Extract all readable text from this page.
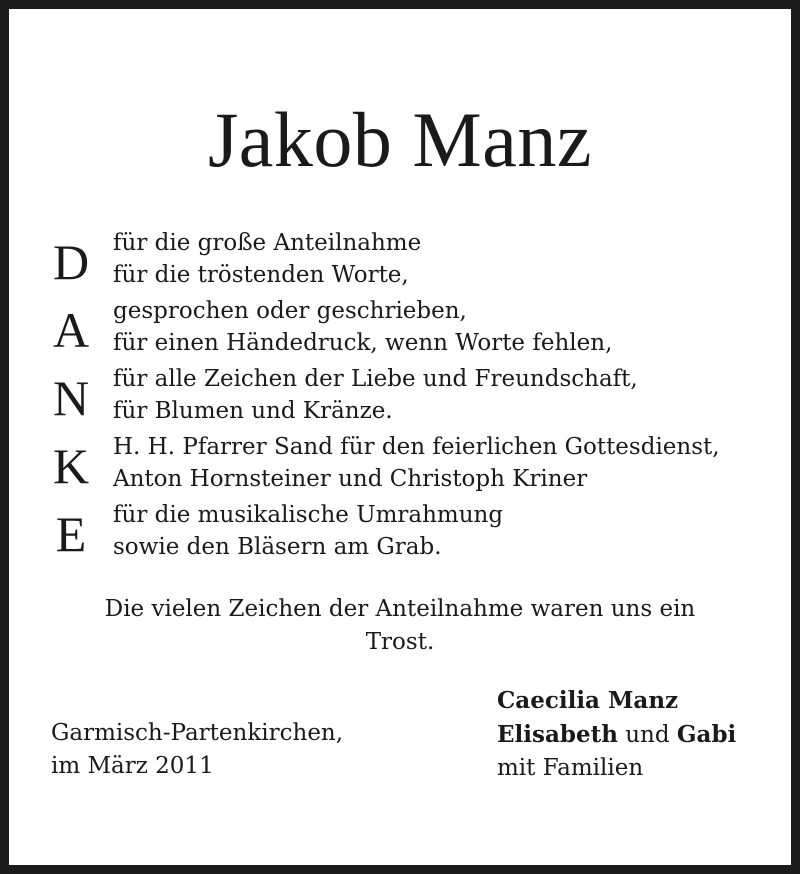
Jakob Manz
D für die große Anteilnahme
für die tröstenden Worte,
A gesprochen oder geschrieben,
für einen Händedruck, wenn Worte fehlen,
N für alle Zeichen der Liebe und Freundschaft,
für Blumen und Kränze.
K H. H. Pfarrer Sand für den feierlichen Gottesdienst,
Anton Hornsteiner und Christoph Kriner
E für die musikalische Umrahmung
sowie den Bläsern am Grab.
Die vielen Zeichen der Anteilnahme waren uns ein
Trost.
Garmisch-Partenkirchen,
im März 2011
Caecilia Manz
Elisabeth und Gabi
mit Familien
